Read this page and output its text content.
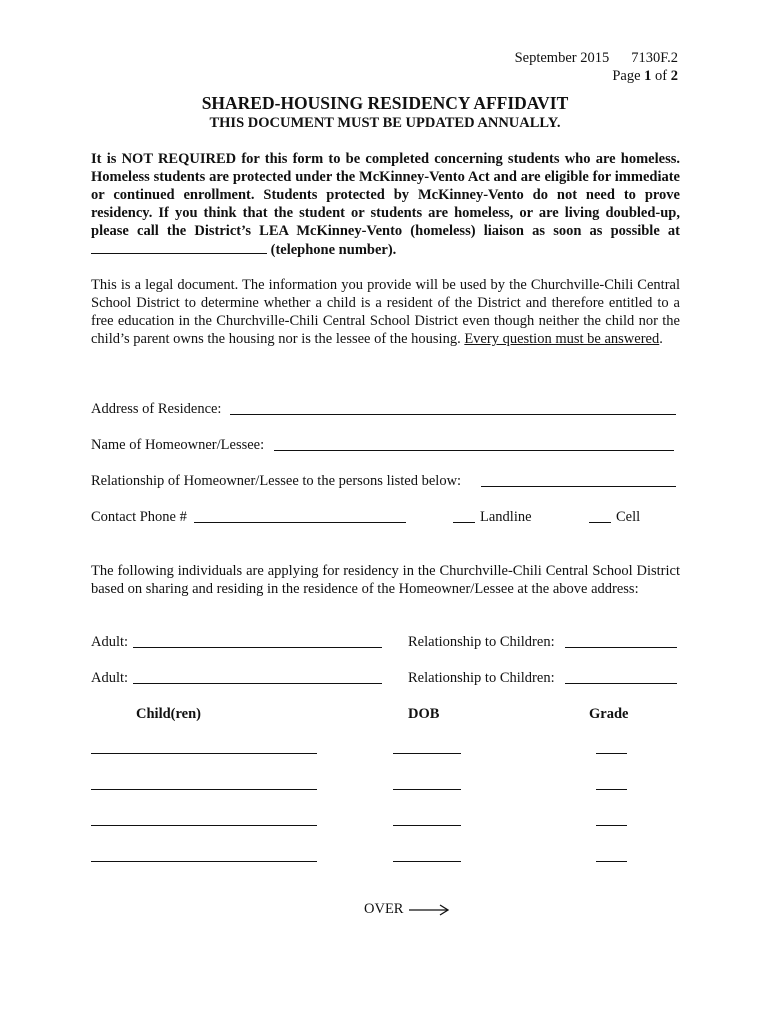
September 2015 7130F.2
Page 1 of 2
SHARED-HOUSING RESIDENCY AFFIDAVIT
THIS DOCUMENT MUST BE UPDATED ANNUALLY.
It is NOT REQUIRED for this form to be completed concerning students who are homeless. Homeless students are protected under the McKinney-Vento Act and are eligible for immediate or continued enrollment. Students protected by McKinney-Vento do not need to prove residency. If you think that the student or students are homeless, or are living doubled-up, please call the District’s LEA McKinney-Vento (homeless) liaison as soon as possible at  (telephone number).
This is a legal document. The information you provide will be used by the Churchville-Chili Central School District to determine whether a child is a resident of the District and therefore entitled to a free education in the Churchville-Chili Central School District even though neither the child nor the child’s parent owns the housing nor is the lessee of the housing. Every question must be answered.
Address of Residence:
Name of Homeowner/Lessee:
Relationship of Homeowner/Lessee to the persons listed below:
Contact Phone #	Landline	Cell
The following individuals are applying for residency in the Churchville-Chili Central School District based on sharing and residing in the residence of the Homeowner/Lessee at the above address:
Adult:	Relationship to Children:
Adult:	Relationship to Children:
Child(ren)	DOB	Grade
OVER
